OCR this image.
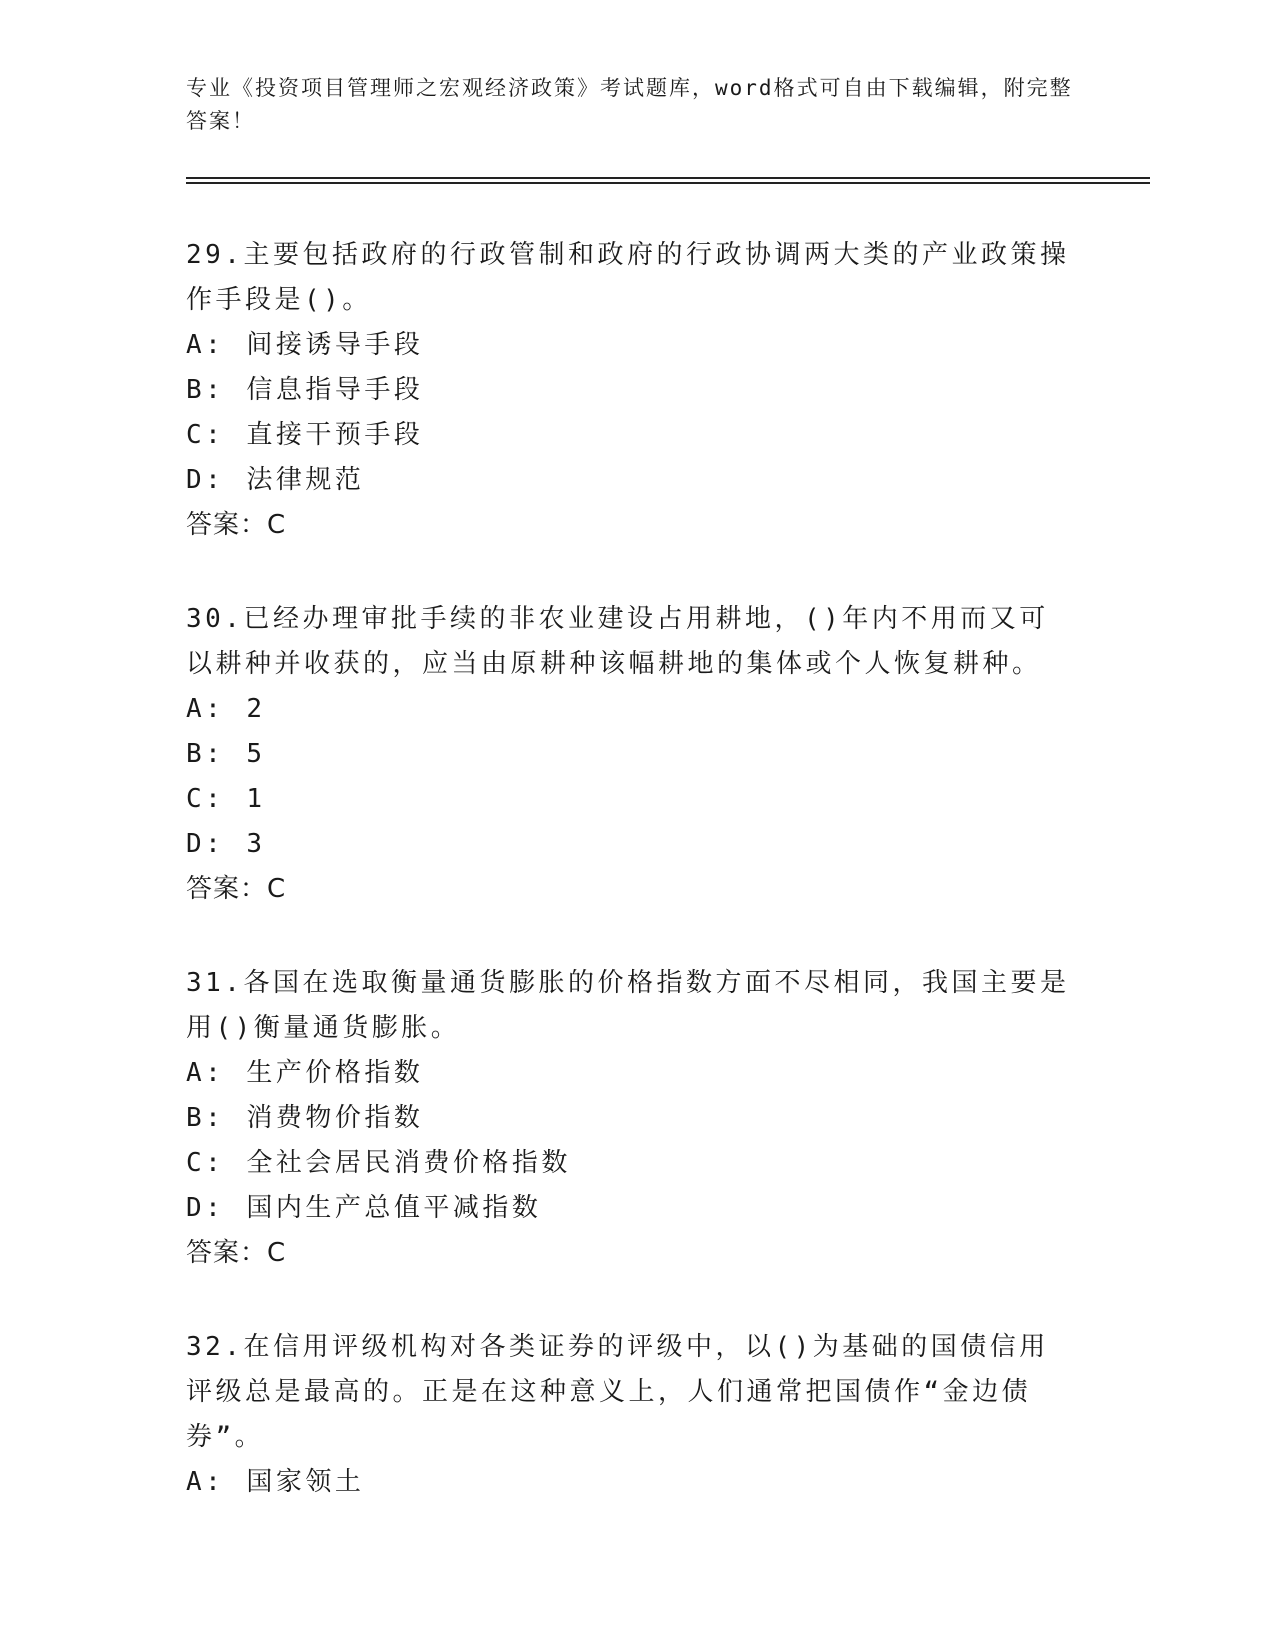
专业《投资项目管理师之宏观经济政策》考试题库，word格式可自由下载编辑，附完整答案！

29.主要包括政府的行政管制和政府的行政协调两大类的产业政策操作手段是()。

A: 间接诱导手段
B: 信息指导手段
C: 直接干预手段
D: 法律规范
答案：C

30.已经办理审批手续的非农业建设占用耕地，()年内不用而又可以耕种并收获的，应当由原耕种该幅耕地的集体或个人恢复耕种。

A: 2
B: 5
C: 1
D: 3
答案：C

31.各国在选取衡量通货膨胀的价格指数方面不尽相同，我国主要是用()衡量通货膨胀。

A: 生产价格指数
B: 消费物价指数
C: 全社会居民消费价格指数
D: 国内生产总值平减指数
答案：C

32.在信用评级机构对各类证券的评级中，以()为基础的国债信用评级总是最高的。正是在这种意义上，人们通常把国债作“金边债券”。

A: 国家领土
